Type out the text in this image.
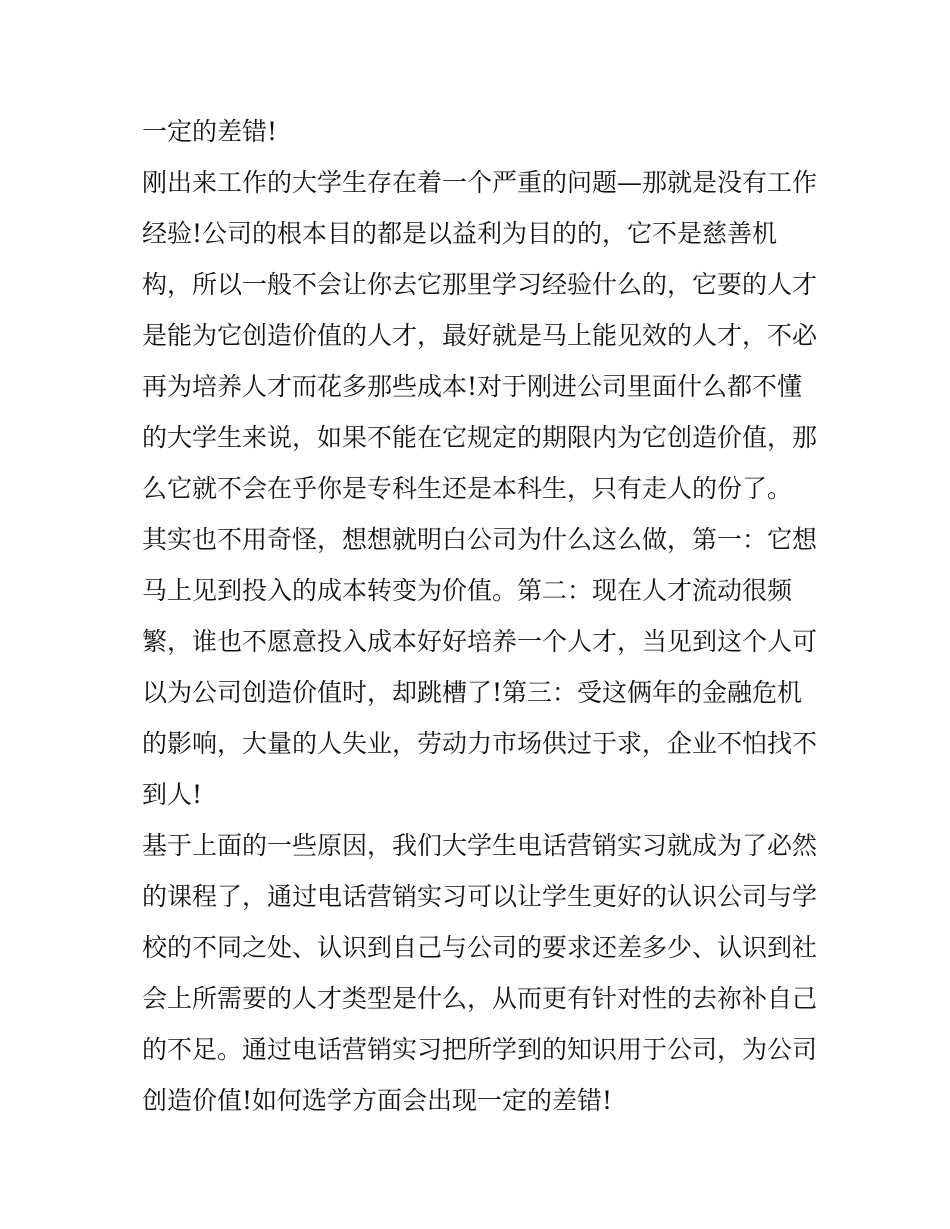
一定的差错!
刚出来工作的大学生存在着一个严重的问题—那就是没有工作
经验!公司的根本目的都是以益利为目的的，它不是慈善机
构，所以一般不会让你去它那里学习经验什么的，它要的人才
是能为它创造价值的人才，最好就是马上能见效的人才，不必
再为培养人才而花多那些成本!对于刚进公司里面什么都不懂
的大学生来说，如果不能在它规定的期限内为它创造价值，那
么它就不会在乎你是专科生还是本科生，只有走人的份了。
其实也不用奇怪，想想就明白公司为什么这么做，第一：它想
马上见到投入的成本转变为价值。第二：现在人才流动很频
繁，谁也不愿意投入成本好好培养一个人才，当见到这个人可
以为公司创造价值时，却跳槽了!第三：受这俩年的金融危机
的影响，大量的人失业，劳动力市场供过于求，企业不怕找不
到人!
基于上面的一些原因，我们大学生电话营销实习就成为了必然
的课程了，通过电话营销实习可以让学生更好的认识公司与学
校的不同之处、认识到自己与公司的要求还差多少、认识到社
会上所需要的人才类型是什么，从而更有针对性的去祢补自己
的不足。通过电话营销实习把所学到的知识用于公司，为公司
创造价值!如何选学方面会出现一定的差错!
